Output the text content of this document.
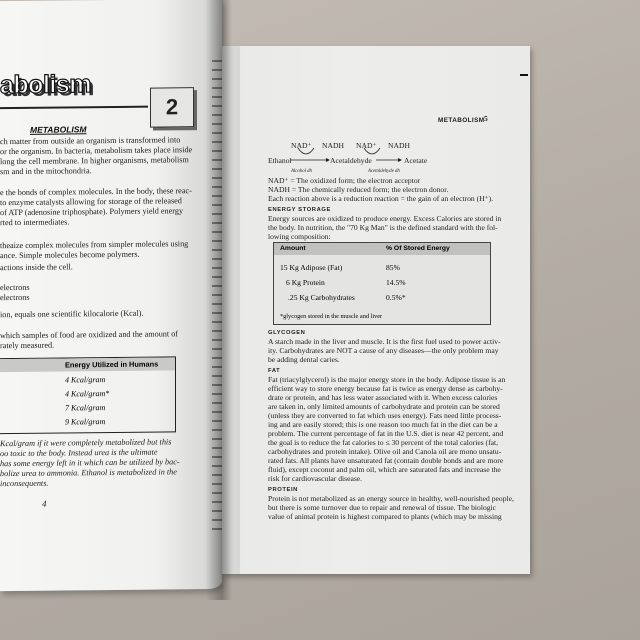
abolism
2
METABOLISM
ch matter from outside an organism is transformed into
or the organism. In bacteria, metabolism takes place inside
long the cell membrane. In higher organisms, metabolism
sm and in the mitochondria.
e the bonds of complex molecules. In the body, these reac-
to enzyme catalysts allowing for storage of the released
of ATP (adenosine triphosphate). Polymers yield energy
rted to intermediates.
theaize complex molecules from simpler molecules using
ance. Simple molecules become polymers.
actions inside the cell.
electrons
electrons
ion, equals one scientific kilocalorie (Kcal).
which samples of food are oxidized and the amount of
rately measured.
Energy Utilized in Humans
4 Kcal/gram
4 Kcal/gram*
7 Kcal/gram
9 Kcal/gram
Kcal/gram if it were completely metabolized but this
oo toxic to the body. Instead urea is the ultimate
has some energy left in it which can be utilized by bac-
bolize urea to ammonia. Ethanol is metabolized in the
inconsequents.
4
METABOLISM 5
NAD⁺ NADH NAD⁺ NADH
Ethanol	Acetaldehyde	Acetate
Alcohol dh	Acetaldehyde dh
NAD⁺ = The oxidized form; the electron acceptor
NADH = The chemically reduced form; the electron donor.
Each reaction above is a reduction reaction = the gain of an electron (H⁺).
ENERGY STORAGE
Energy sources are oxidized to produce energy. Excess Calories are stored in
the body. In nutrition, the "70 Kg Man" is the defined standard with the fol-
lowing composition:
Amount	% Of Stored Energy
15 Kg Adipose (Fat)	85%
6 Kg Protein	14.5%
.25 Kg Carbohydrates	0.5%*
*glycogen stored in the muscle and liver
GLYCOGEN
A starch made in the liver and muscle. It is the first fuel used to power activ-
ity. Carbohydrates are NOT a cause of any diseases—the only problem may
be adding dental caries.
FAT
Fat (triacylglycerol) is the major energy store in the body. Adipose tissue is an
efficient way to store energy because fat is twice as energy dense as carbohy-
drate or protein, and has less water associated with it. When excess calories
are taken in, only limited amounts of carbohydrate and protein can be stored
(unless they are converted to fat which uses energy). Fats need little process-
ing and are easily stored; this is one reason too much fat in the diet can be a
problem. The current percentage of fat in the U.S. diet is near 42 percent, and
the goal is to reduce the fat calories to ≤ 30 percent of the total calories (fat,
carbohydrates and protein intake). Olive oil and Canola oil are mono unsatu-
rated fats. All plants have unsaturated fat (contain double bonds and are more
fluid), except coconut and palm oil, which are saturated fats and increase the
risk for cardiovascular disease.
PROTEIN
Protein is not metabolized as an energy source in healthy, well-nourished people,
but there is some turnover due to repair and renewal of tissue. The biologic
value of animal protein is highest compared to plants (which may be missing
